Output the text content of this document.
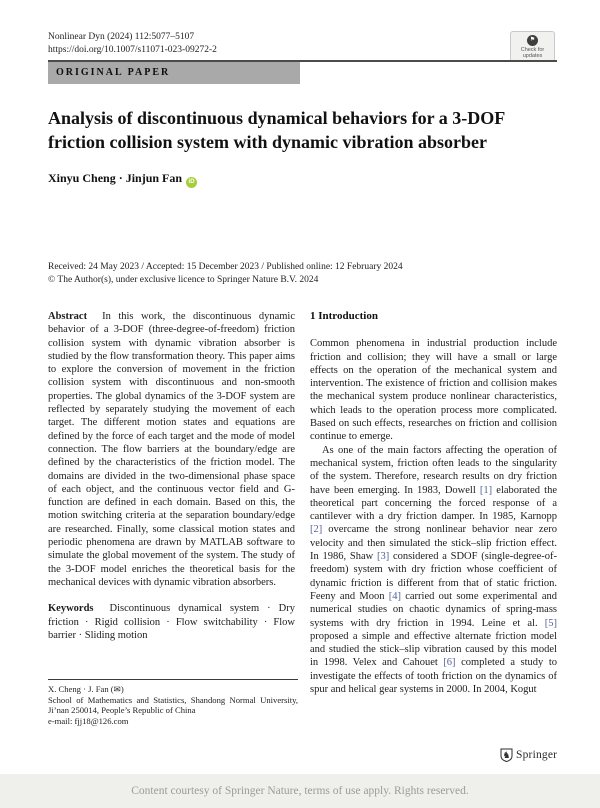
Nonlinear Dyn (2024) 112:5077–5107
https://doi.org/10.1007/s11071-023-09272-2
⚑
Check for
updates
ORIGINAL PAPER
Analysis of discontinuous dynamical behaviors for a 3-DOF friction collision system with dynamic vibration absorber
Xinyu Cheng · Jinjun Fan iD
Received: 24 May 2023 / Accepted: 15 December 2023 / Published online: 12 February 2024
© The Author(s), under exclusive licence to Springer Nature B.V. 2024

Abstract In this work, the discontinuous dynamic behavior of a 3-DOF (three-degree-of-freedom) friction collision system with dynamic vibration absorber is studied by the flow transformation theory. This paper aims to explore the conversion of movement in the friction collision system with discontinuous and non-smooth properties. The global dynamics of the 3-DOF system are reflected by separately studying the movement of each target. The different motion states and equations are defined by the force of each target and the mode of model connection. The flow barriers at the boundary/edge are defined by the characteristics of the friction model. The domains are divided in the two-dimensional phase space of each object, and the continuous vector field and G-function are defined in each domain. Based on this, the motion switching criteria at the separation boundary/edge are researched. Finally, some classical motion states and periodic phenomena are drawn by MATLAB software to simulate the global movement of the system. The study of the 3-DOF model enriches the theoretical basis for the mechanical devices with dynamic vibration absorbers.

Keywords Discontinuous dynamical system · Dry friction · Rigid collision · Flow switchability · Flow barrier · Sliding motion

1 Introduction

Common phenomena in industrial production include friction and collision; they will have a small or large effects on the operation of the mechanical system and intervention. The existence of friction and collision makes the mechanical system produce nonlinear characteristics, which leads to the operation process more complicated. Based on such effects, researches on friction and collision continue to emerge.

As one of the main factors affecting the operation of mechanical system, friction often leads to the singularity of the system. Therefore, research results on dry friction have been emerging. In 1983, Dowell [1] elaborated the theoretical part concerning the forced response of a cantilever with a dry friction damper. In 1985, Karnopp [2] overcame the strong nonlinear behavior near zero velocity and then simulated the stick–slip friction effect. In 1986, Shaw [3] considered a SDOF (single-degree-of-freedom) system with dry friction whose coefficient of dynamic friction is different from that of static friction. Feeny and Moon [4] carried out some experimental and numerical studies on chaotic dynamics of spring-mass systems with dry friction in 1994. Leine et al. [5] proposed a simple and effective alternate friction model and studied the stick–slip vibration caused by this model in 1998. Velex and Cahouet [6] completed a study to investigate the effects of tooth friction on the dynamics of spur and helical gear systems in 2000. In 2004, Kogut

X. Cheng · J. Fan (✉)
School of Mathematics and Statistics, Shandong Normal University, Ji’nan 250014, People’s Republic of China
e-mail: fjj18@126.com
♞ Springer
Content courtesy of Springer Nature, terms of use apply. Rights reserved.
